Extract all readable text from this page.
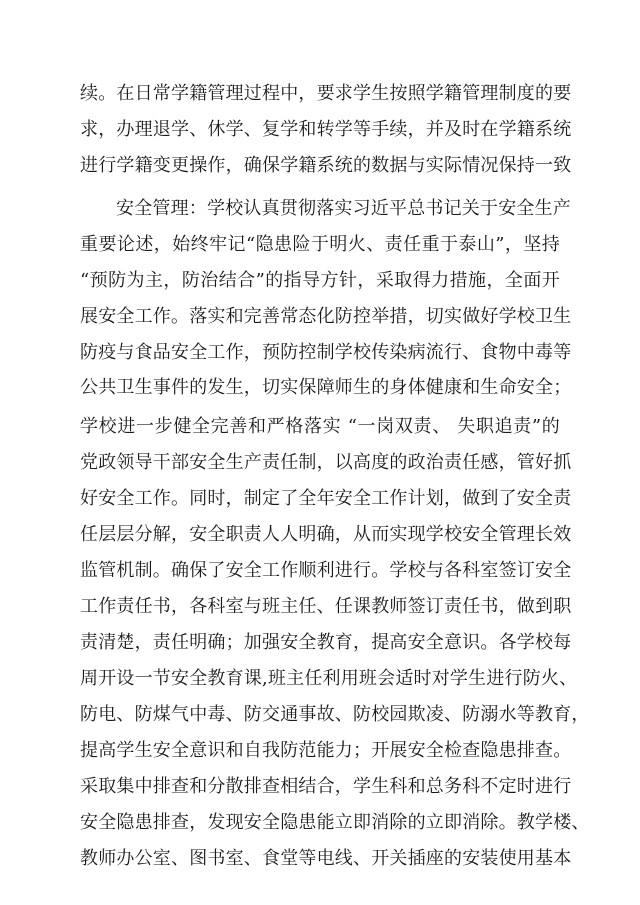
续。在日常学籍管理过程中，要求学生按照学籍管理制度的要
求，办理退学、休学、复学和转学等手续，并及时在学籍系统
进行学籍变更操作，确保学籍系统的数据与实际情况保持一致
安全管理：学校认真贯彻落实习近平总书记关于安全生产
重要论述，始终牢记“隐患险于明火、责任重于泰山”，坚持
“预防为主，防治结合”的指导方针，采取得力措施，全面开
展安全工作。落实和完善常态化防控举措，切实做好学校卫生
防疫与食品安全工作，预防控制学校传染病流行、食物中毒等
公共卫生事件的发生，切实保障师生的身体健康和生命安全；
学校进一步健全完善和严格落实 “一岗双责、 失职追责”的
党政领导干部安全生产责任制，以高度的政治责任感，管好抓
好安全工作。同时，制定了全年安全工作计划，做到了安全责
任层层分解，安全职责人人明确，从而实现学校安全管理长效
监管机制。确保了安全工作顺利进行。学校与各科室签订安全
工作责任书，各科室与班主任、任课教师签订责任书，做到职
责清楚，责任明确；加强安全教育，提高安全意识。各学校每
周开设一节安全教育课,班主任利用班会适时对学生进行防火、
防电、防煤气中毒、防交通事故、防校园欺凌、防溺水等教育，
提高学生安全意识和自我防范能力；开展安全检查隐患排查。
采取集中排查和分散排查相结合，学生科和总务科不定时进行
安全隐患排查，发现安全隐患能立即消除的立即消除。教学楼、
教师办公室、图书室、食堂等电线、开关插座的安装使用基本
